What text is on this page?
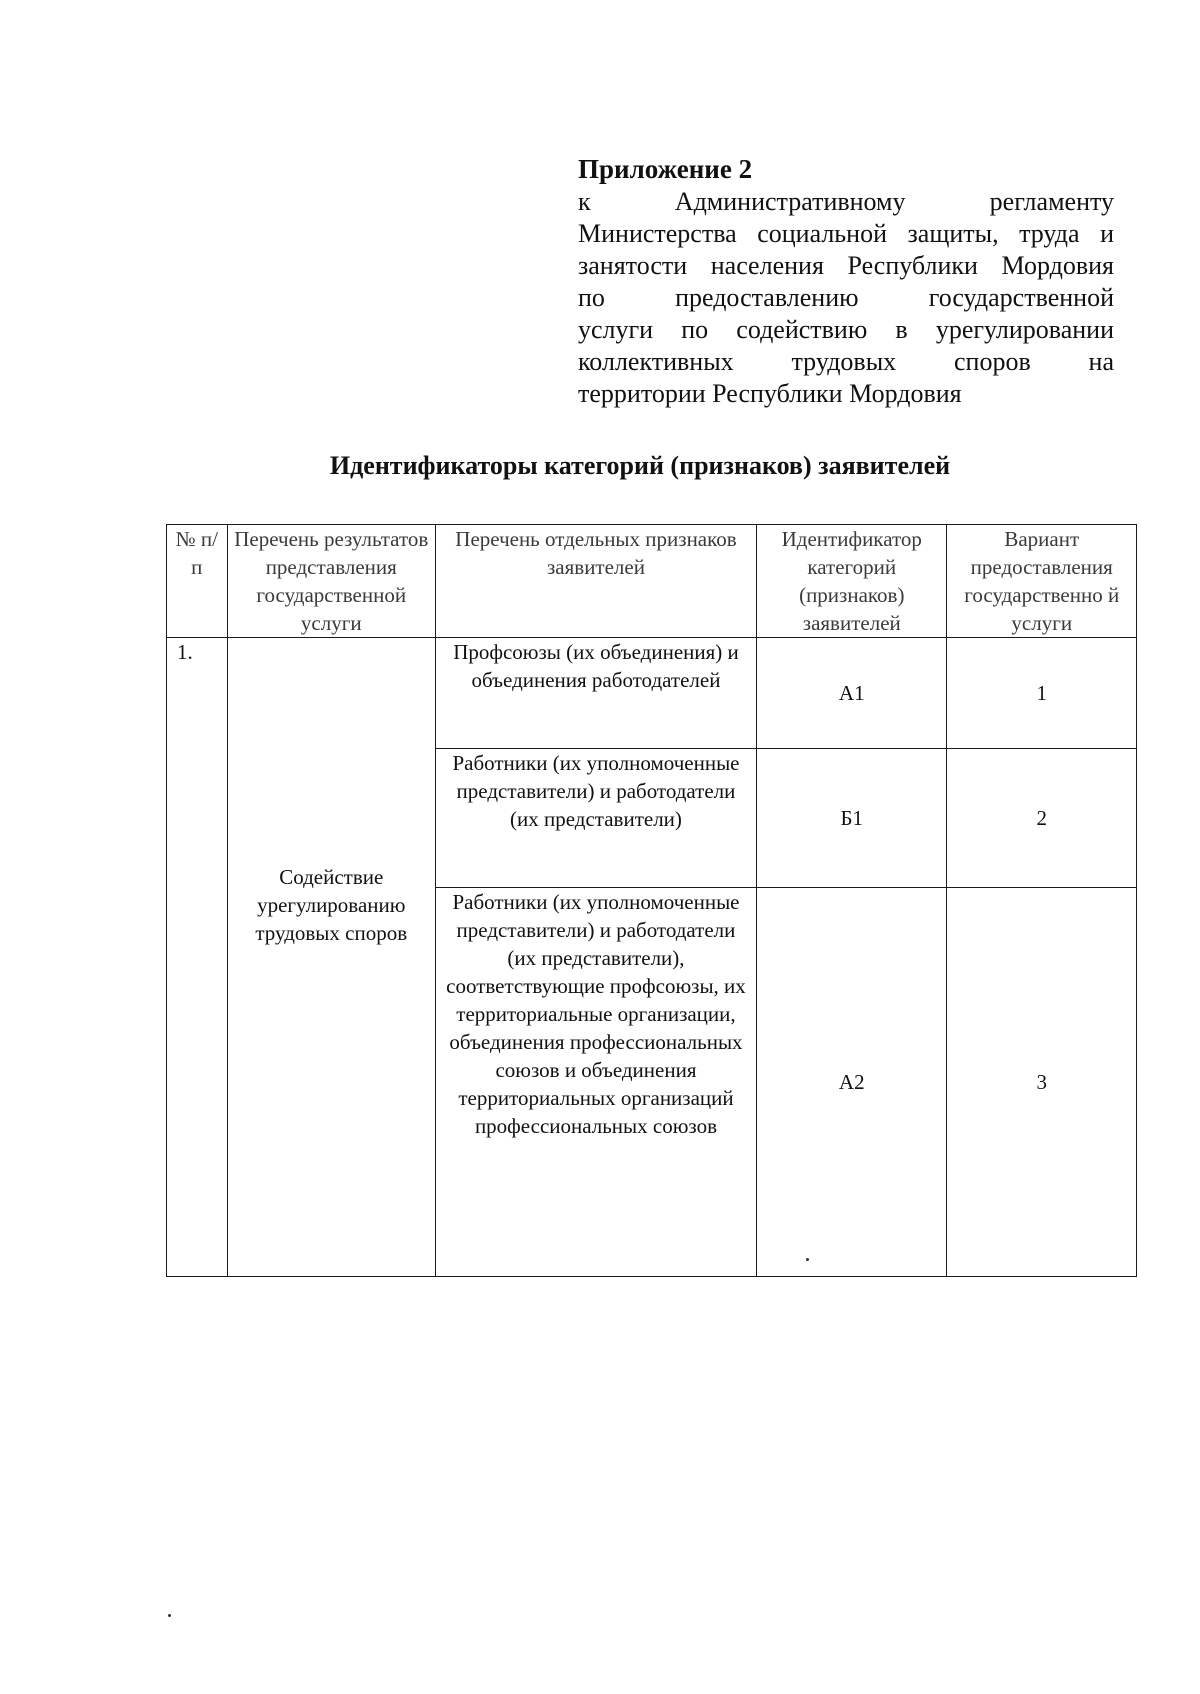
Приложение 2
к Административному регламенту
Министерства социальной защиты, труда и
занятости населения Республики Мордовия
по предоставлению государственной
услуги по содействию в урегулировании
коллективных трудовых споров на
территории Республики Мордовия
Идентификаторы категорий (признаков) заявителей
№ п/п	Перечень результатов представления государственной услуги	Перечень отдельных признаков заявителей	Идентификатор категорий (признаков) заявителей	Вариант предоставления государственно й услуги
1.	Содействие урегулированию трудовых споров	Профсоюзы (их объединения) и объединения работодателей	А1	1
		Работники (их уполномоченные представители) и работодатели (их представители)	Б1	2
		Работники (их уполномоченные представители) и работодатели (их представители), соответствующие профсоюзы, их территориальные организации, объединения профессиональных союзов и объединения территориальных организаций профессиональных союзов	А2	3
